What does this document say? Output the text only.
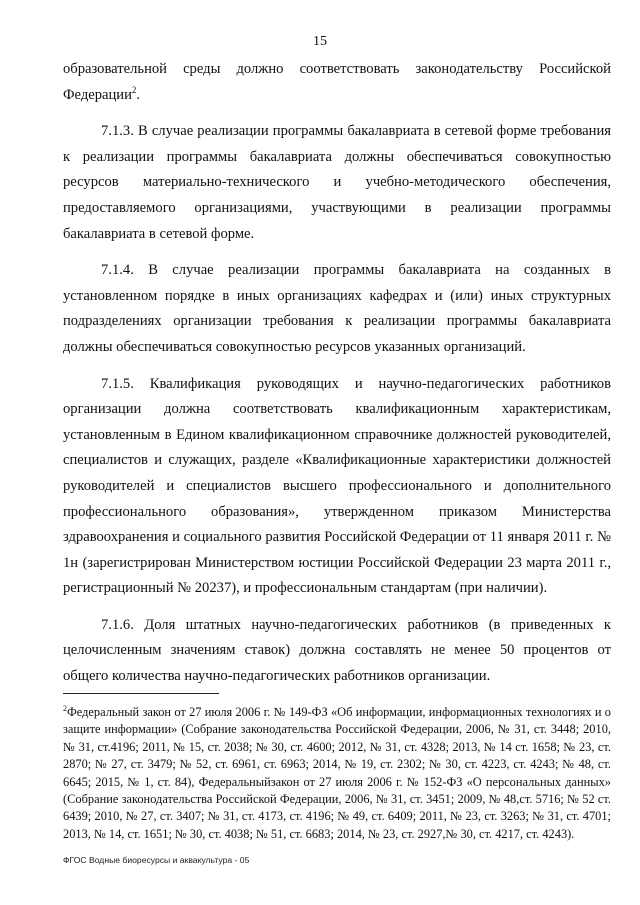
15

образовательной среды должно соответствовать законодательству Российской Федерации$^2$.

7.1.3. В случае реализации программы бакалавриата в сетевой форме требования к реализации программы бакалавриата должны обеспечиваться совокупностью ресурсов материально-технического и учебно-методического обеспечения, предоставляемого организациями, участвующими в реализации программы бакалавриата в сетевой форме.

7.1.4. В случае реализации программы бакалавриата на созданных в установленном порядке в иных организациях кафедрах и (или) иных структурных подразделениях организации требования к реализации программы бакалавриата должны обеспечиваться совокупностью ресурсов указанных организаций.

7.1.5. Квалификация руководящих и научно-педагогических работников организации должна соответствовать квалификационным характеристикам, установленным в Едином квалификационном справочнике должностей руководителей, специалистов и служащих, разделе «Квалификационные характеристики должностей руководителей и специалистов высшего профессионального и дополнительного профессионального образования», утвержденном приказом Министерства здравоохранения и социального развития Российской Федерации от 11 января 2011 г. № 1н (зарегистрирован Министерством юстиции Российской Федерации 23 марта 2011 г., регистрационный № 20237), и профессиональным стандартам (при наличии).

7.1.6. Доля штатных научно-педагогических работников (в приведенных к целочисленным значениям ставок) должна составлять не менее 50 процентов от общего количества научно-педагогических работников организации.

$^2$Федеральный закон от 27 июля 2006 г. № 149-ФЗ «Об информации, информационных технологиях и о защите информации» (Собрание законодательства Российской Федерации, 2006, № 31, ст. 3448; 2010, № 31, ст.4196; 2011, № 15, ст. 2038; № 30, ст. 4600; 2012, № 31, ст. 4328; 2013, № 14 ст. 1658; № 23, ст. 2870; № 27, ст. 3479; № 52, ст. 6961, ст. 6963; 2014, № 19, ст. 2302; № 30, ст. 4223, ст. 4243; № 48, ст. 6645; 2015, № 1, ст. 84), Федеральныйзакон от 27 июля 2006 г. № 152-ФЗ «О персональных данных» (Собрание законодательства Российской Федерации, 2006, № 31, ст. 3451; 2009, № 48,ст. 5716; № 52 ст. 6439; 2010, № 27, ст. 3407; № 31, ст. 4173, ст. 4196; № 49, ст. 6409; 2011, № 23, ст. 3263; № 31, ст. 4701; 2013, № 14, ст. 1651; № 30, ст. 4038; № 51, ст. 6683; 2014, № 23, ст. 2927,№ 30, ст. 4217, ст. 4243).

ФГОС Водные биоресурсы и аквакультура - 05
